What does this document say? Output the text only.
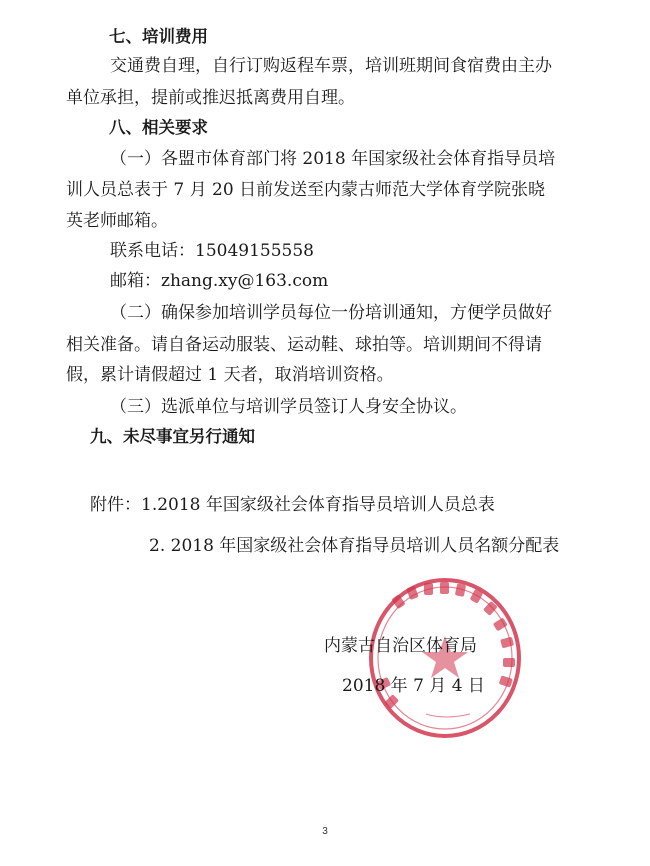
七、培训费用
交通费自理，自行订购返程车票，培训班期间食宿费由主办
单位承担，提前或推迟抵离费用自理。
八、相关要求
（一）各盟市体育部门将 2018 年国家级社会体育指导员培
训人员总表于 7 月 20 日前发送至内蒙古师范大学体育学院张晓
英老师邮箱。
联系电话：15049155558
邮箱：zhang.xy@163.com
（二）确保参加培训学员每位一份培训通知，方便学员做好
相关准备。请自备运动服装、运动鞋、球拍等。培训期间不得请
假，累计请假超过 1 天者，取消培训资格。
（三）选派单位与培训学员签订人身安全协议。
九、未尽事宜另行通知
附件：1.2018 年国家级社会体育指导员培训人员总表
2. 2018 年国家级社会体育指导员培训人员名额分配表
内蒙古自治区体育局
2018 年 7 月 4 日
3
